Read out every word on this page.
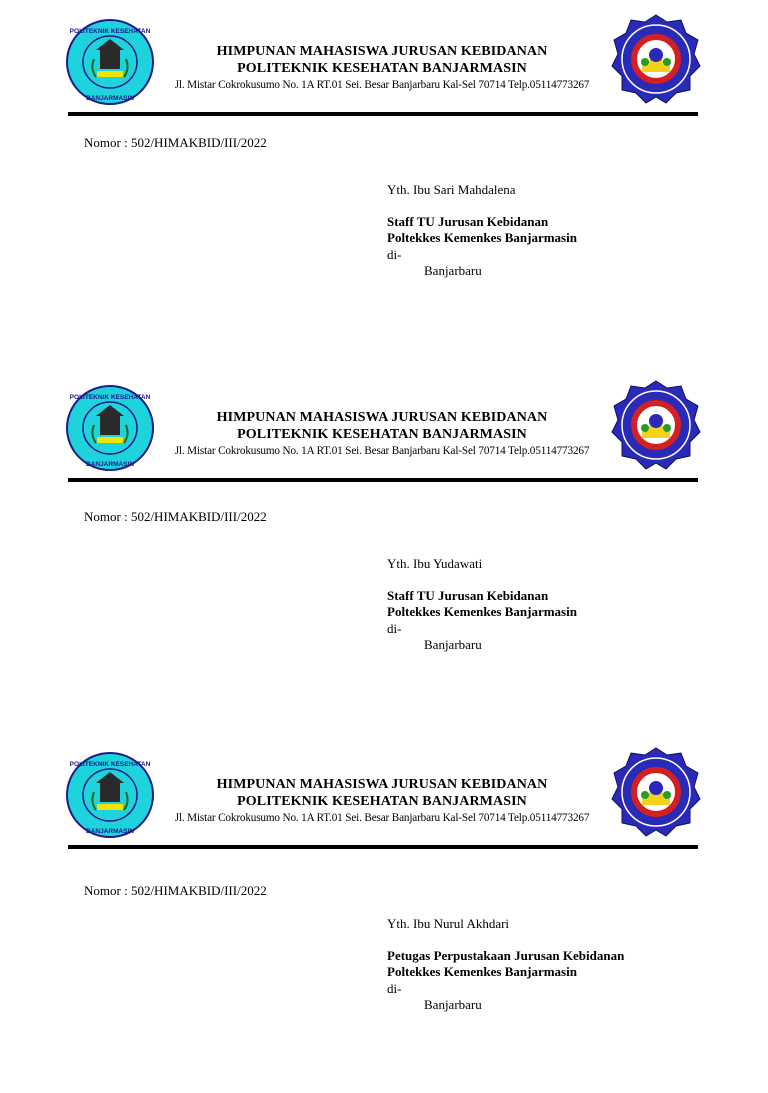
POLITEKNIK KESEHATAN
BANJARMASIN
HIMPUNAN MAHASISWA JURUSAN KEBIDANAN
POLITEKNIK KESEHATAN BANJARMASIN
Jl. Mistar Cokrokusumo No. 1A RT.01 Sei. Besar Banjarbaru Kal-Sel 70714 Telp.05114773267
Nomor : 502/HIMAKBID/III/2022
Yth. Ibu Sari Mahdalena
Staff TU Jurusan Kebidanan
Poltekkes Kemenkes Banjarmasin
di-
Banjarbaru
POLITEKNIK KESEHATAN
BANJARMASIN
HIMPUNAN MAHASISWA JURUSAN KEBIDANAN
POLITEKNIK KESEHATAN BANJARMASIN
Jl. Mistar Cokrokusumo No. 1A RT.01 Sei. Besar Banjarbaru Kal-Sel 70714 Telp.05114773267
Nomor : 502/HIMAKBID/III/2022
Yth. Ibu Yudawati
Staff TU Jurusan Kebidanan
Poltekkes Kemenkes Banjarmasin
di-
Banjarbaru
POLITEKNIK KESEHATAN
BANJARMASIN
HIMPUNAN MAHASISWA JURUSAN KEBIDANAN
POLITEKNIK KESEHATAN BANJARMASIN
Jl. Mistar Cokrokusumo No. 1A RT.01 Sei. Besar Banjarbaru Kal-Sel 70714 Telp.05114773267
Nomor : 502/HIMAKBID/III/2022
Yth. Ibu Nurul Akhdari
Petugas Perpustakaan Jurusan Kebidanan
Poltekkes Kemenkes Banjarmasin
di-
Banjarbaru
